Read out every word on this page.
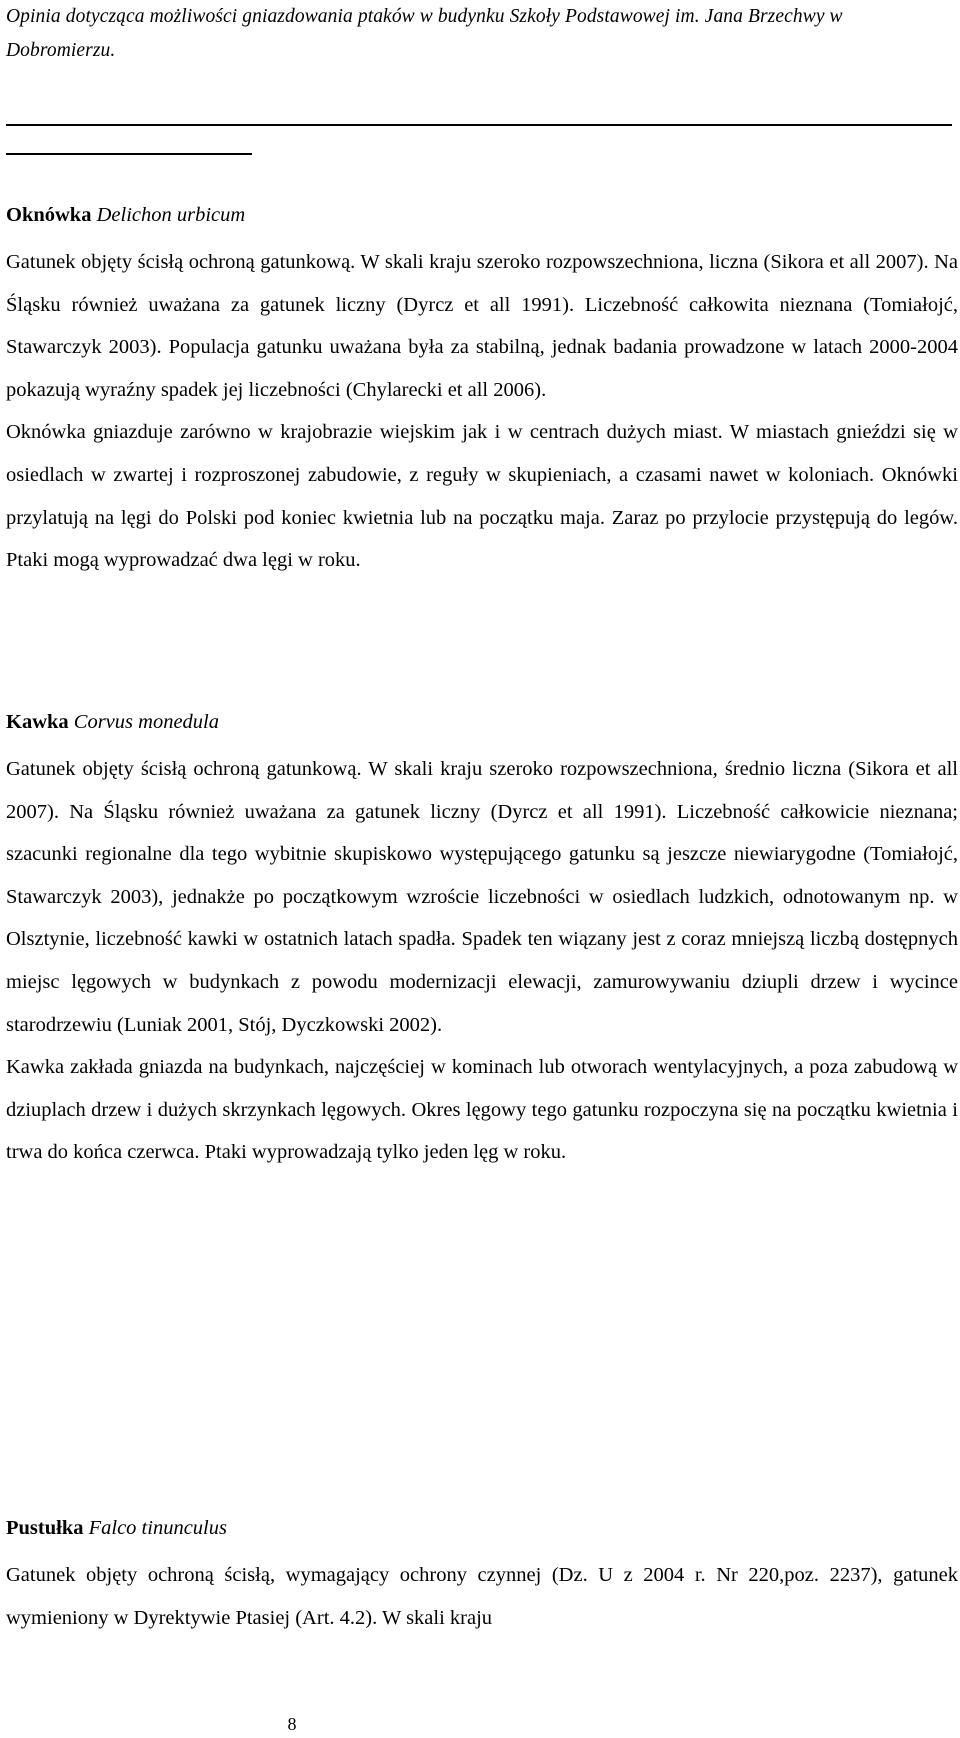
Opinia dotycząca możliwości gniazdowania ptaków w budynku Szkoły Podstawowej im. Jana Brzechwy w Dobromierzu.
Oknówka Delichon urbicum

Gatunek objęty ścisłą ochroną gatunkową. W skali kraju szeroko rozpowszechniona, liczna (Sikora et all 2007). Na Śląsku również uważana za gatunek liczny (Dyrcz et all 1991). Liczebność całkowita nieznana (Tomiałojć, Stawarczyk 2003). Populacja gatunku uważana była za stabilną, jednak badania prowadzone w latach 2000-2004 pokazują wyraźny spadek jej liczebności (Chylarecki et all 2006).

Oknówka gniazduje zarówno w krajobrazie wiejskim jak i w centrach dużych miast. W miastach gnieździ się w osiedlach w zwartej i rozproszonej zabudowie, z reguły w skupieniach, a czasami nawet w koloniach. Oknówki przylatują na lęgi do Polski pod koniec kwietnia lub na początku maja. Zaraz po przylocie przystępują do legów. Ptaki mogą wyprowadzać dwa lęgi w roku.

Kawka Corvus monedula

Gatunek objęty ścisłą ochroną gatunkową. W skali kraju szeroko rozpowszechniona, średnio liczna (Sikora et all 2007). Na Śląsku również uważana za gatunek liczny (Dyrcz et all 1991). Liczebność całkowicie nieznana; szacunki regionalne dla tego wybitnie skupiskowo występującego gatunku są jeszcze niewiarygodne (Tomiałojć, Stawarczyk 2003), jednakże po początkowym wzroście liczebności w osiedlach ludzkich, odnotowanym np. w Olsztynie, liczebność kawki w ostatnich latach spadła. Spadek ten wiązany jest z coraz mniejszą liczbą dostępnych miejsc lęgowych w budynkach z powodu modernizacji elewacji, zamurowywaniu dziupli drzew i wycince starodrzewiu (Luniak 2001, Stój, Dyczkowski 2002).

Kawka zakłada gniazda na budynkach, najczęściej w kominach lub otworach wentylacyjnych, a poza zabudową w dziuplach drzew i dużych skrzynkach lęgowych. Okres lęgowy tego gatunku rozpoczyna się na początku kwietnia i trwa do końca czerwca. Ptaki wyprowadzają tylko jeden lęg w roku.

Pustułka Falco tinunculus

Gatunek objęty ochroną ścisłą, wymagający ochrony czynnej (Dz. U z 2004 r. Nr 220,poz. 2237), gatunek wymieniony w Dyrektywie Ptasiej (Art. 4.2). W skali kraju

8
